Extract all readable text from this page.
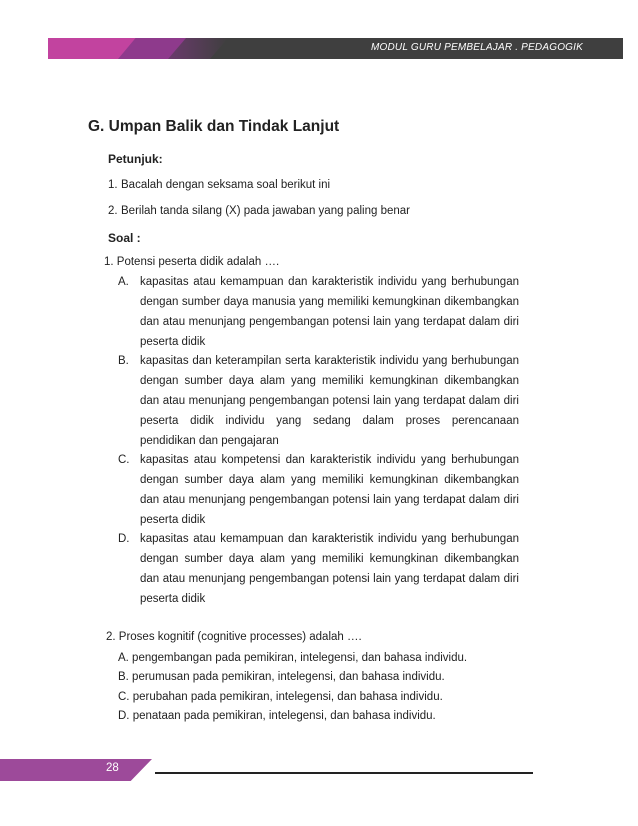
MODUL GURU PEMBELAJAR . PEDAGOGIK
G. Umpan Balik dan Tindak Lanjut
Petunjuk:
1. Bacalah dengan seksama soal berikut ini
2. Berilah tanda silang (X) pada jawaban yang paling benar
Soal :
1. Potensi peserta didik adalah ….
A. kapasitas atau kemampuan dan karakteristik individu yang berhubungan
dengan sumber daya manusia yang memiliki kemungkinan dikembangkan
dan atau menunjang pengembangan potensi lain yang terdapat dalam diri
peserta didik
B. kapasitas dan keterampilan serta karakteristik individu yang berhubungan
dengan sumber daya alam yang memiliki kemungkinan dikembangkan
dan atau menunjang pengembangan potensi lain yang terdapat dalam diri
peserta didik individu yang sedang dalam proses perencanaan
pendidikan dan pengajaran
C. kapasitas atau kompetensi dan karakteristik individu yang berhubungan
dengan sumber daya alam yang memiliki kemungkinan dikembangkan
dan atau menunjang pengembangan potensi lain yang terdapat dalam diri
peserta didik
D. kapasitas atau kemampuan dan karakteristik individu yang berhubungan
dengan sumber daya alam yang memiliki kemungkinan dikembangkan
dan atau menunjang pengembangan potensi lain yang terdapat dalam diri
peserta didik
2. Proses kognitif (cognitive processes) adalah ….
A. pengembangan pada pemikiran, intelegensi, dan bahasa individu.
B. perumusan pada pemikiran, intelegensi, dan bahasa individu.
C. perubahan pada pemikiran, intelegensi, dan bahasa individu.
D. penataan pada pemikiran, intelegensi, dan bahasa individu.
28
